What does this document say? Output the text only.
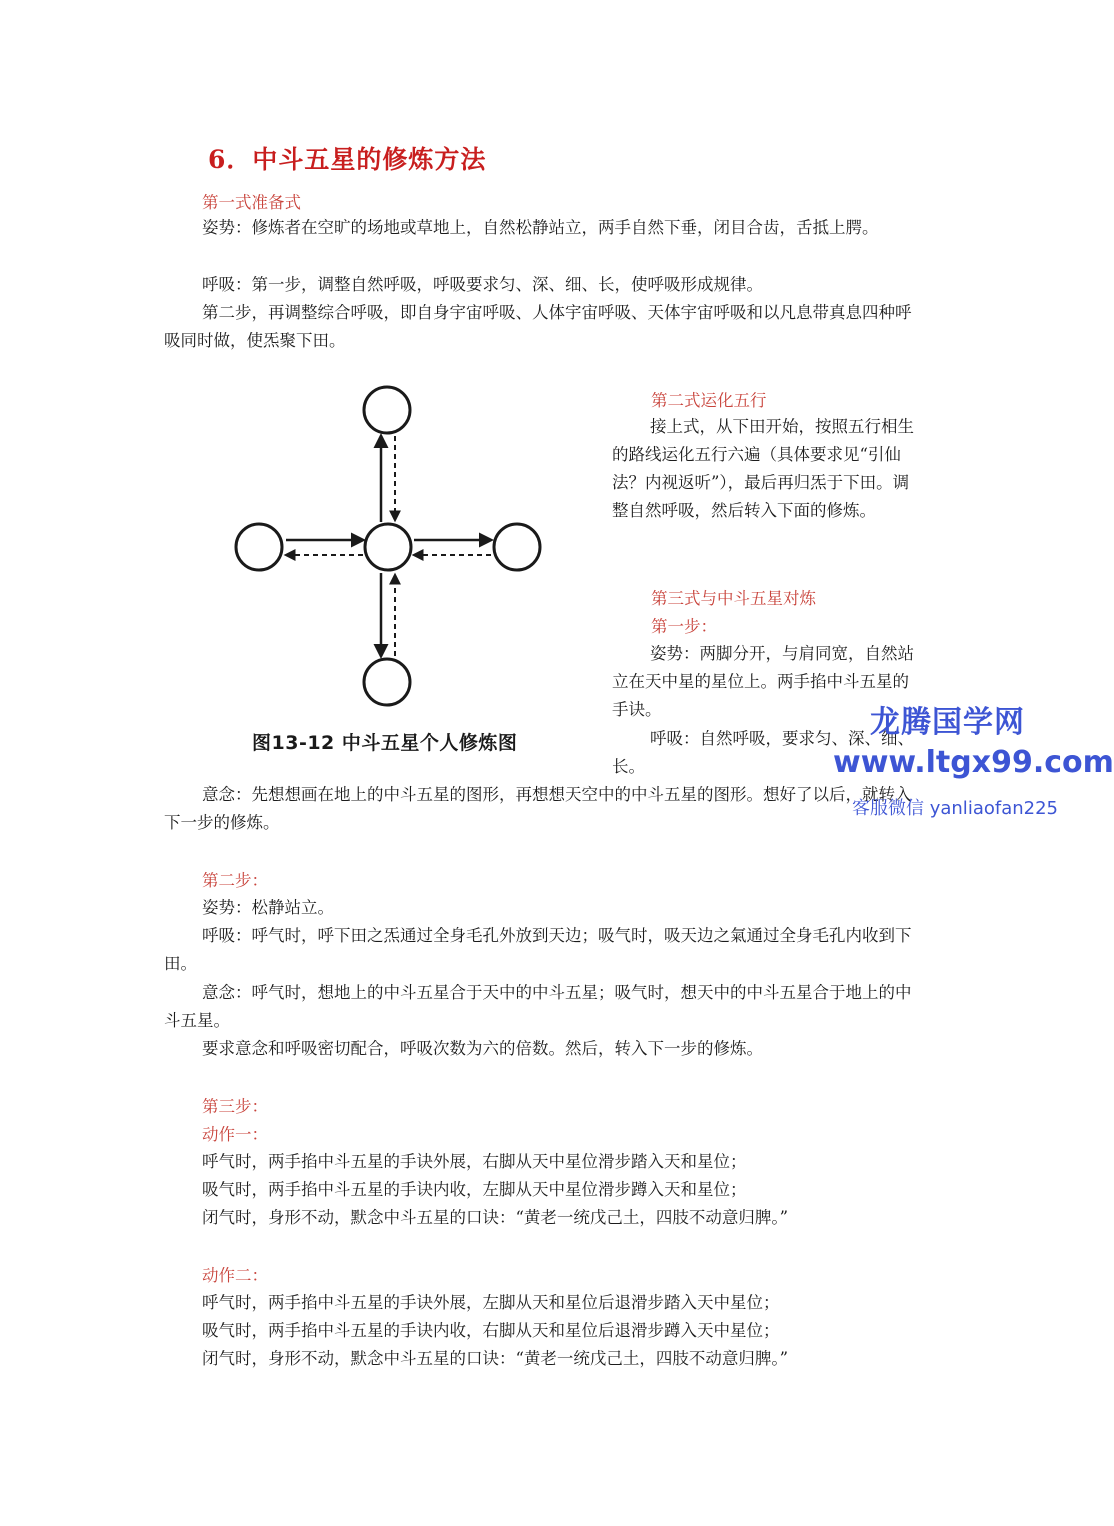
6．中斗五星的修炼方法
第一式准备式
姿势：修炼者在空旷的场地或草地上，自然松静站立，两手自然下垂，闭目合齿，舌抵上腭。
呼吸：第一步，调整自然呼吸，呼吸要求匀、深、细、长，使呼吸形成规律。
第二步，再调整综合呼吸，即自身宇宙呼吸、人体宇宙呼吸、天体宇宙呼吸和以凡息带真息四种呼吸同时做，使炁聚下田。
图13-12 中斗五星个人修炼图
第二式运化五行
接上式，从下田开始，按照五行相生的路线运化五行六遍（具体要求见“引仙法？内视返听”），最后再归炁于下田。调整自然呼吸，然后转入下面的修炼。
第三式与中斗五星对炼
第一步：
姿势：两脚分开，与肩同宽，自然站立在天中星的星位上。两手掐中斗五星的手诀。
呼吸：自然呼吸，要求匀、深、细、长。
意念：先想想画在地上的中斗五星的图形，再想想天空中的中斗五星的图形。想好了以后，就转入下一步的修炼。
第二步：
姿势：松静站立。
呼吸：呼气时，呼下田之炁通过全身毛孔外放到天边；吸气时，吸天边之氣通过全身毛孔内收到下田。
意念：呼气时，想地上的中斗五星合于天中的中斗五星；吸气时，想天中的中斗五星合于地上的中斗五星。
要求意念和呼吸密切配合，呼吸次数为六的倍数。然后，转入下一步的修炼。
第三步：
动作一：
呼气时，两手掐中斗五星的手诀外展，右脚从天中星位滑步踏入天和星位；
吸气时，两手掐中斗五星的手诀内收，左脚从天中星位滑步蹲入天和星位；
闭气时，身形不动，默念中斗五星的口诀：“黄老一统戊己土，四肢不动意归脾。”
动作二：
呼气时，两手掐中斗五星的手诀外展，左脚从天和星位后退滑步踏入天中星位；
吸气时，两手掐中斗五星的手诀内收，右脚从天和星位后退滑步蹲入天中星位；
闭气时，身形不动，默念中斗五星的口诀：“黄老一统戊己土，四肢不动意归脾。”
龙腾国学网
www.ltgx99.com
客服微信 yanliaofan225
